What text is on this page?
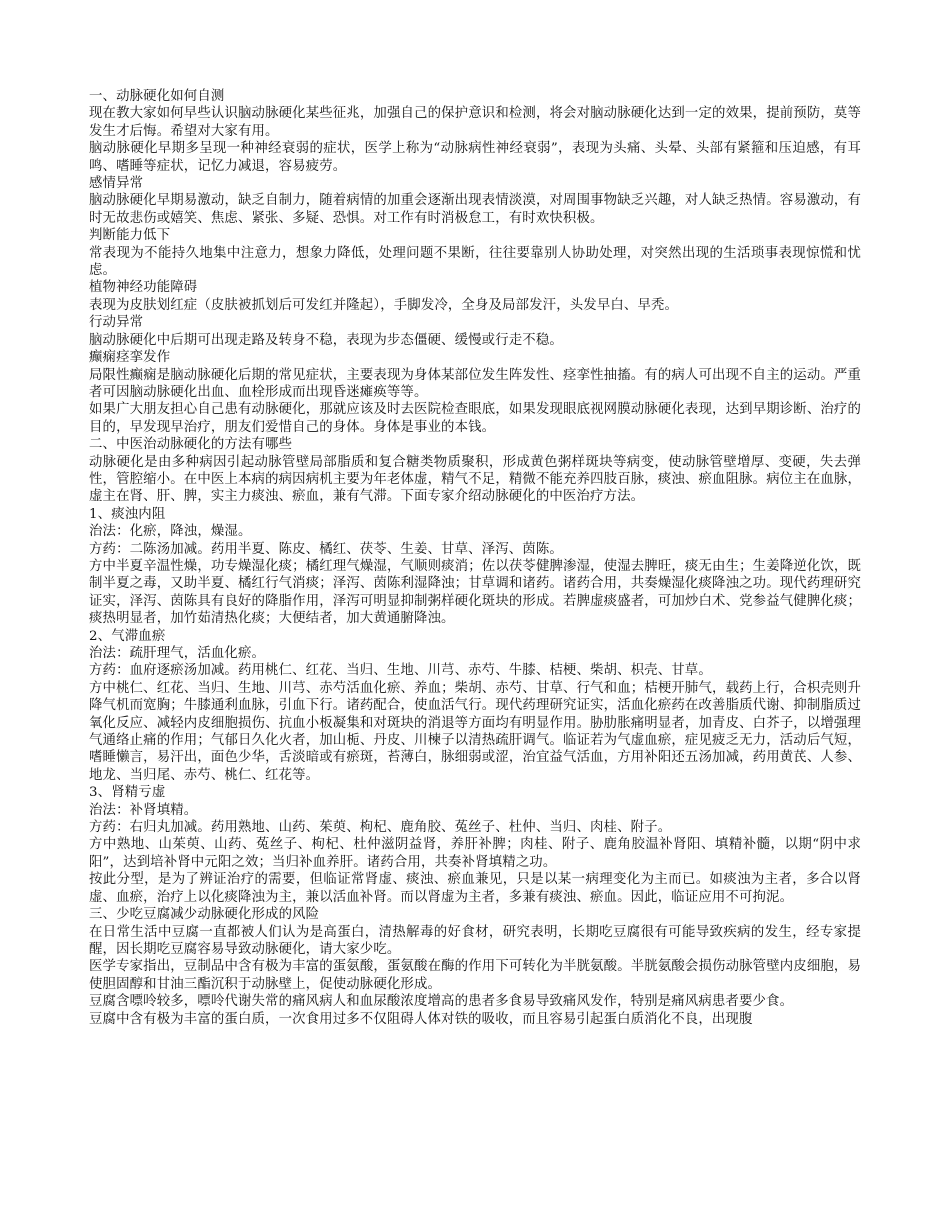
一、动脉硬化如何自测

现在教大家如何早些认识脑动脉硬化某些征兆，加强自己的保护意识和检测，将会对脑动脉硬化达到一定的效果，提前预防，莫等发生才后悔。希望对大家有用。

脑动脉硬化早期多呈现一种神经衰弱的症状，医学上称为“动脉病性神经衰弱”，表现为头痛、头晕、头部有紧箍和压迫感，有耳鸣、嗜睡等症状，记忆力减退，容易疲劳。

感情异常

脑动脉硬化早期易激动，缺乏自制力，随着病情的加重会逐渐出现表情淡漠，对周围事物缺乏兴趣，对人缺乏热情。容易激动，有时无故悲伤或嬉笑、焦虑、紧张、多疑、恐惧。对工作有时消极怠工，有时欢快积极。

判断能力低下

常表现为不能持久地集中注意力，想象力降低，处理问题不果断，往往要靠别人协助处理，对突然出现的生活琐事表现惊慌和忧虑。

植物神经功能障碍

表现为皮肤划红症（皮肤被抓划后可发红并隆起），手脚发冷，全身及局部发汗，头发早白、早秃。

行动异常

脑动脉硬化中后期可出现走路及转身不稳，表现为步态僵硬、缓慢或行走不稳。

癫痫痉挛发作

局限性癫痫是脑动脉硬化后期的常见症状，主要表现为身体某部位发生阵发性、痉挛性抽搐。有的病人可出现不自主的运动。严重者可因脑动脉硬化出血、血栓形成而出现昏迷瘫痪等等。

如果广大朋友担心自己患有动脉硬化，那就应该及时去医院检查眼底，如果发现眼底视网膜动脉硬化表现，达到早期诊断、治疗的目的，早发现早治疗，朋友们爱惜自己的身体。身体是事业的本钱。

二、中医治动脉硬化的方法有哪些

动脉硬化是由多种病因引起动脉管壁局部脂质和复合糖类物质聚积，形成黄色粥样斑块等病变，使动脉管壁增厚、变硬，失去弹性，管腔缩小。在中医上本病的病因病机主要为年老体虚，精气不足，精微不能充养四肢百脉，痰浊、瘀血阻脉。病位主在血脉，虚主在肾、肝、脾，实主力痰浊、瘀血，兼有气滞。下面专家介绍动脉硬化的中医治疗方法。

1、痰浊内阻

治法：化瘀，降浊，燥湿。

方药：二陈汤加减。药用半夏、陈皮、橘红、茯苓、生姜、甘草、泽泻、茵陈。

方中半夏辛温性燥，功专燥湿化痰；橘红理气燥湿，气顺则痰消；佐以茯苓健脾渗湿，使湿去脾旺，痰无由生；生姜降逆化饮，既制半夏之毒，又助半夏、橘红行气消痰；泽泻、茵陈利湿降浊；甘草调和诸药。诸药合用，共奏燥湿化痰降浊之功。现代药理研究证实，泽泻、茵陈具有良好的降脂作用，泽泻可明显抑制粥样硬化斑块的形成。若脾虚痰盛者，可加炒白术、党参益气健脾化痰；痰热明显者，加竹茹清热化痰；大便结者，加大黄通腑降浊。

2、气滞血瘀

治法：疏肝理气，活血化瘀。

方药：血府逐瘀汤加减。药用桃仁、红花、当归、生地、川芎、赤芍、牛膝、桔梗、柴胡、枳壳、甘草。

方中桃仁、红花、当归、生地、川芎、赤芍活血化瘀、养血；柴胡、赤芍、甘草、行气和血；桔梗开肺气，载药上行，合枳壳则升降气机而宽胸；牛膝通利血脉，引血下行。诸药配合，使血活气行。现代药理研究证实，活血化瘀药在改善脂质代谢、抑制脂质过氧化反应、减轻内皮细胞损伤、抗血小板凝集和对斑块的消退等方面均有明显作用。胁肋胀痛明显者，加青皮、白芥子，以增强理气通络止痛的作用；气郁日久化火者，加山栀、丹皮、川楝子以清热疏肝调气。临证若为气虚血瘀，症见疲乏无力，活动后气短，嗜睡懒言，易汗出，面色少华，舌淡暗或有瘀斑，苔薄白，脉细弱或涩，治宜益气活血，方用补阳还五汤加减，药用黄芪、人参、地龙、当归尾、赤芍、桃仁、红花等。

3、肾精亏虚

治法：补肾填精。

方药：右归丸加减。药用熟地、山药、茱萸、枸杞、鹿角胶、菟丝子、杜仲、当归、肉桂、附子。

方中熟地、山茱萸、山药、菟丝子、枸杞、杜仲滋阴益肾，养肝补脾；肉桂、附子、鹿角胶温补肾阳、填精补髓，以期“阴中求阳”，达到培补肾中元阳之效；当归补血养肝。诸药合用，共奏补肾填精之功。

按此分型，是为了辨证治疗的需要，但临证常肾虚、痰浊、瘀血兼见，只是以某一病理变化为主而已。如痰浊为主者，多合以肾虚、血瘀，治疗上以化痰降浊为主，兼以活血补肾。而以肾虚为主者，多兼有痰浊、瘀血。因此，临证应用不可拘泥。

三、少吃豆腐减少动脉硬化形成的风险

在日常生活中豆腐一直都被人们认为是高蛋白，清热解毒的好食材，研究表明，长期吃豆腐很有可能导致疾病的发生，经专家提醒，因长期吃豆腐容易导致动脉硬化，请大家少吃。

医学专家指出，豆制品中含有极为丰富的蛋氨酸，蛋氨酸在酶的作用下可转化为半胱氨酸。半胱氨酸会损伤动脉管壁内皮细胞，易使胆固醇和甘油三酯沉积于动脉壁上，促使动脉硬化形成。

豆腐含嘌呤较多，嘌呤代谢失常的痛风病人和血尿酸浓度增高的患者多食易导致痛风发作，特别是痛风病患者要少食。

豆腐中含有极为丰富的蛋白质，一次食用过多不仅阻碍人体对铁的吸收，而且容易引起蛋白质消化不良，出现腹
